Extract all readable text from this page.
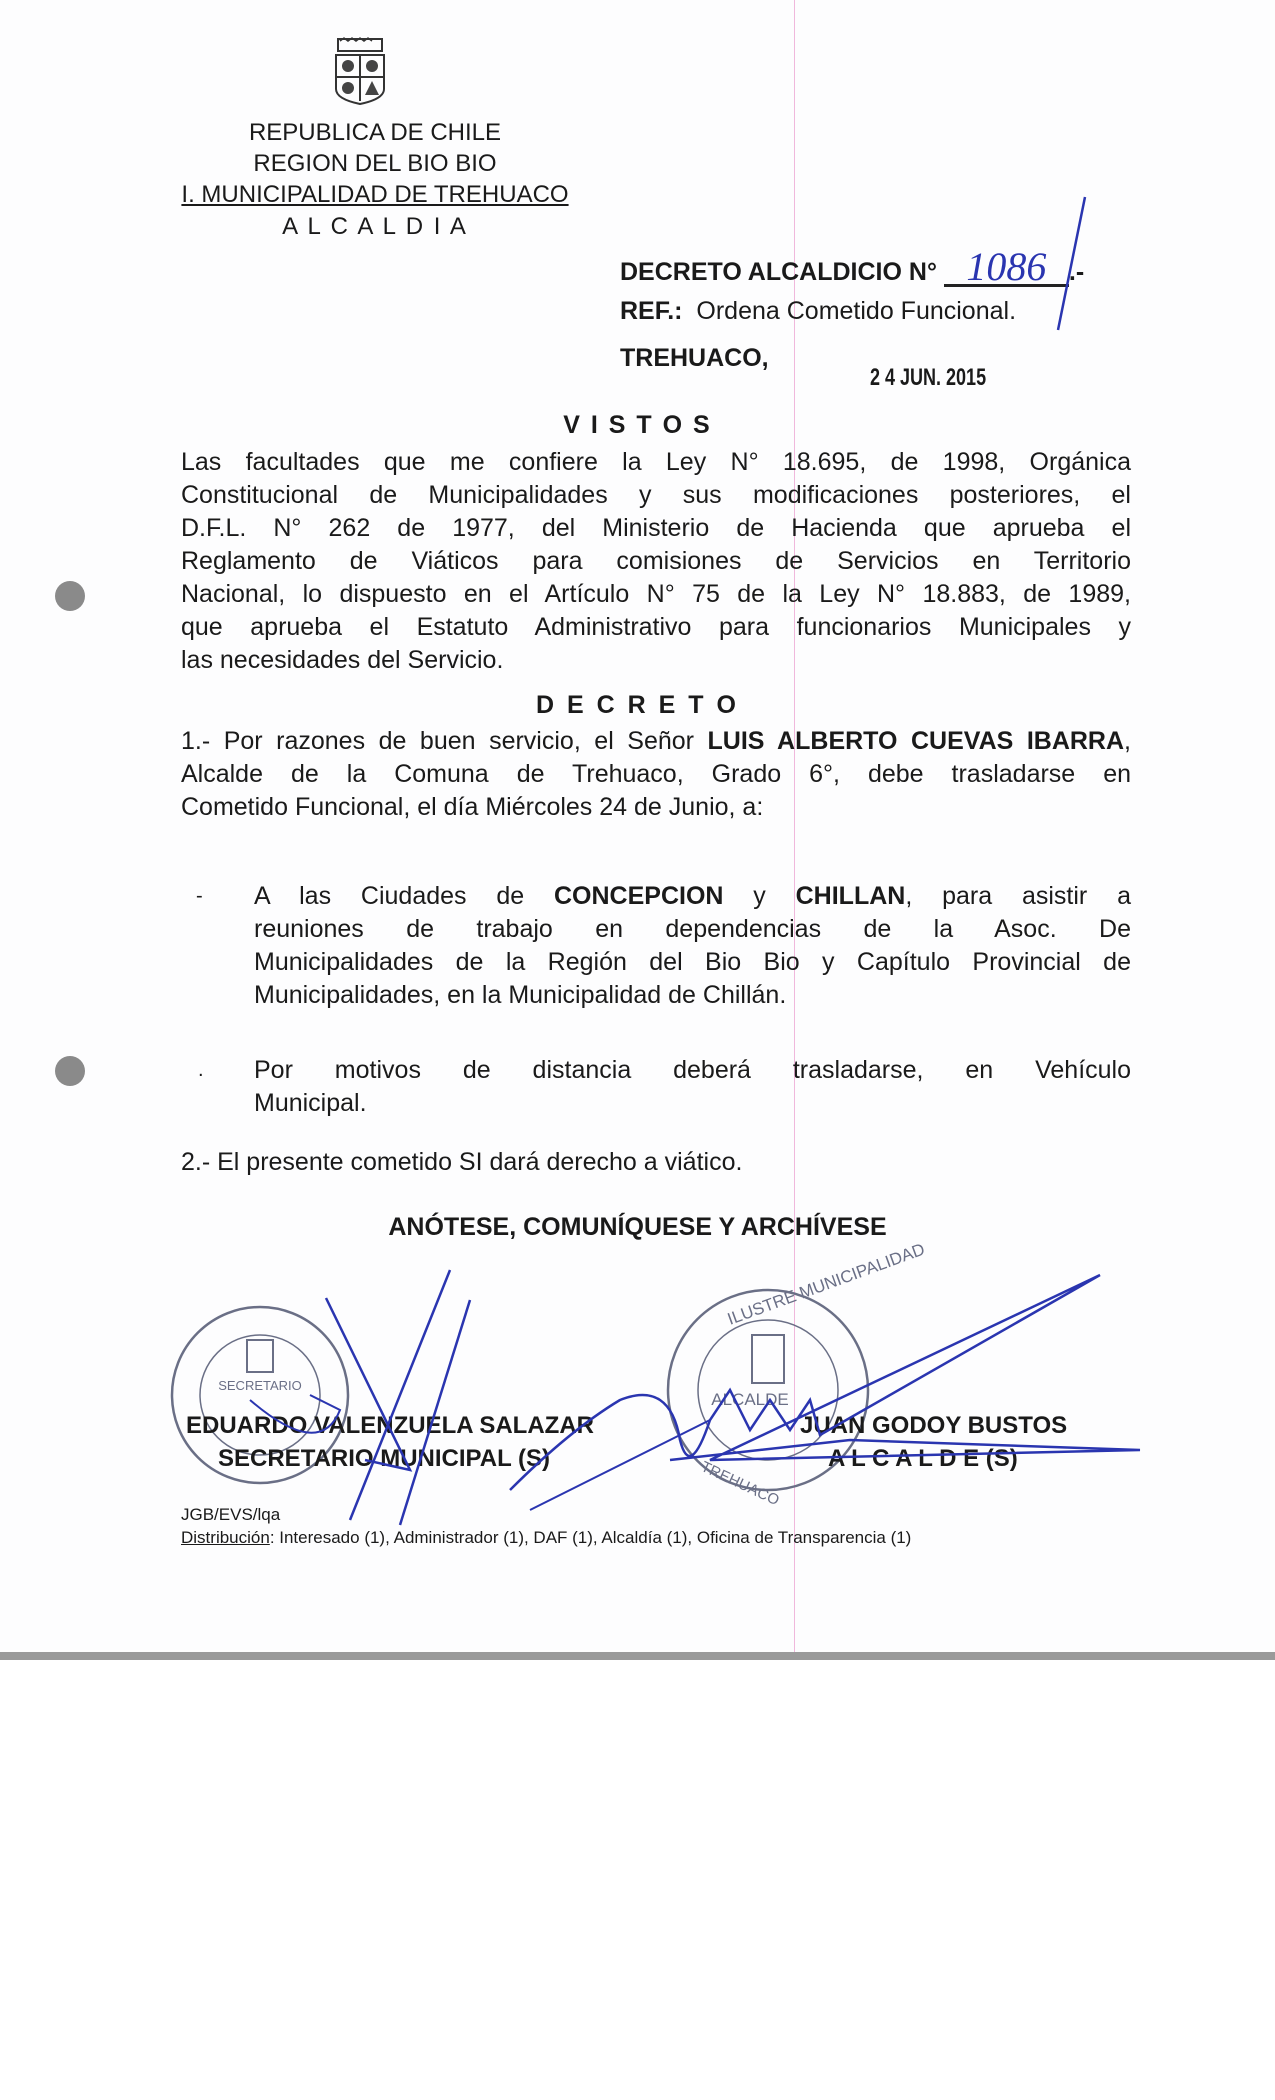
REPUBLICA DE CHILE
REGION DEL BIO BIO
I. MUNICIPALIDAD DE TREHUACO
A L C A L D I A
DECRETO ALCALDICIO N° 1086 .-
REF.: Ordena Cometido Funcional.
TREHUACO,
2 4 JUN. 2015
V I S T O S
Las facultades que me confiere la Ley N° 18.695, de 1998, Orgánica
Constitucional de Municipalidades y sus modificaciones posteriores, el
D.F.L. N° 262 de 1977, del Ministerio de Hacienda que aprueba el
Reglamento de Viáticos para comisiones de Servicios en Territorio
Nacional, lo dispuesto en el Artículo N° 75 de la Ley N° 18.883, de 1989,
que aprueba el Estatuto Administrativo para funcionarios Municipales y
las necesidades del Servicio.
D E C R E T O
1.- Por razones de buen servicio, el Señor LUIS ALBERTO CUEVAS IBARRA,
Alcalde de la Comuna de Trehuaco, Grado 6°, debe trasladarse en
Cometido Funcional, el día Miércoles 24 de Junio, a:
- A las Ciudades de CONCEPCION y CHILLAN, para asistir a
reuniones de trabajo en dependencias de la Asoc. De
Municipalidades de la Región del Bio Bio y Capítulo Provincial de
Municipalidades, en la Municipalidad de Chillán.
. Por motivos de distancia deberá trasladarse, en Vehículo
Municipal.
2.- El presente cometido SI dará derecho a viático.
ANÓTESE, COMUNÍQUESE Y ARCHÍVESE
SECRETARIO
ALCALDE
ILUSTRE MUNICIPALIDAD
TREHUACO
EDUARDO VALENZUELA SALAZAR
SECRETARIO MUNICIPAL (S)
JUAN GODOY BUSTOS
A L C A L D E (S)
JGB/EVS/lqa
Distribución: Interesado (1), Administrador (1), DAF (1), Alcaldía (1), Oficina de Transparencia (1)
